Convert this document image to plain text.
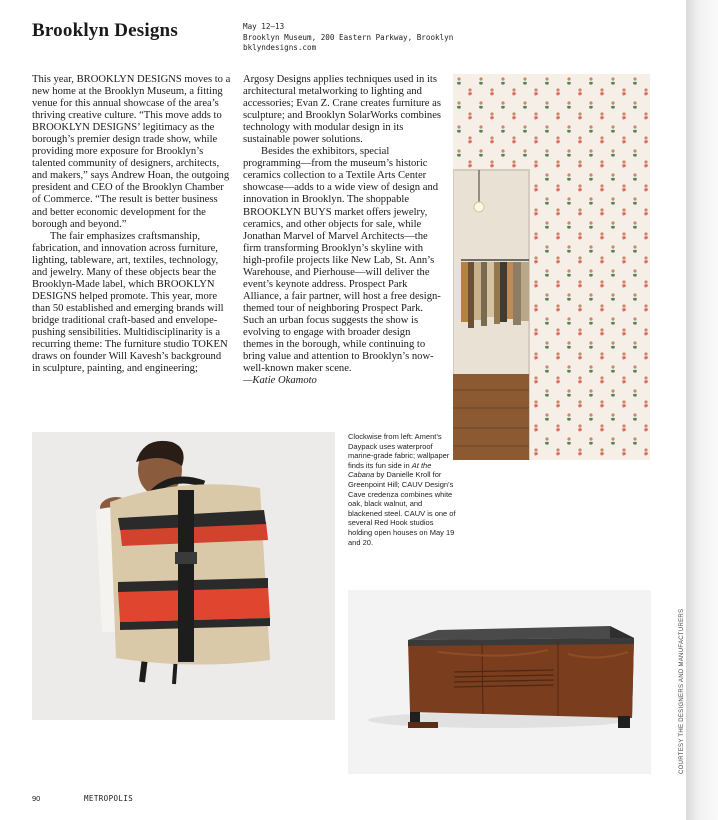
Brooklyn Designs	May 12–13
Brooklyn Museum, 200 Eastern Parkway, Brooklyn
bklyndesigns.com

This year, BROOKLYN DESIGNS moves to a new home at the Brooklyn Museum, a fitting venue for this annual showcase of the area’s thriving creative culture. “This move adds to BROOKLYN DESIGNS’ legitimacy as the borough’s premier design trade show, while providing more exposure for Brooklyn’s talented community of designers, architects, and makers,” says Andrew Hoan, the outgoing president and CEO of the Brooklyn Chamber of Commerce. “The result is better business and better economic development for the borough and beyond.”

The fair emphasizes craftsmanship, fabrication, and innovation across furniture, lighting, tableware, art, textiles, technology, and jewelry. Many of these objects bear the Brooklyn-Made label, which BROOKLYN DESIGNS helped promote. This year, more than 50 established and emerging brands will bridge traditional craft-based and envelope-pushing sensibilities. Multidisciplinarity is a recurring theme: The furniture studio TOKEN draws on founder Will Kavesh’s background in sculpture, painting, and engineering;

Argosy Designs applies techniques used in its architectural metalworking to lighting and accessories; Evan Z. Crane creates furniture as sculpture; and Brooklyn SolarWorks combines technology with modular design in its sustainable power solutions.

Besides the exhibitors, special programming—from the museum’s historic ceramics collection to a Textile Arts Center showcase—adds to a wide view of design and innovation in Brooklyn. The shoppable BROOKLYN BUYS market offers jewelry, ceramics, and other objects for sale, while Jonathan Marvel of Marvel Architects—the firm transforming Brooklyn’s skyline with high-profile projects like New Lab, St. Ann’s Warehouse, and Pierhouse—will deliver the event’s keynote address. Prospect Park Alliance, a fair partner, will host a free design-themed tour of neighboring Prospect Park. Such an urban focus suggests the show is evolving to engage with broader design themes in the borough, while continuing to bring value and attention to Brooklyn’s now-well-known maker scene.

—Katie Okamoto
Clockwise from left: Ament’s Daypack uses waterproof marine-grade fabric; wallpaper finds its fun side in At the Cabana by Danielle Kroll for Greenpoint Hill; CAUV Design’s Cave credenza combines white oak, black walnut, and blackened steel. CAUV is one of several Red Hook studios holding open houses on May 19 and 20.
COURTESY THE DESIGNERS AND MANUFACTURERS
90	METROPOLIS
